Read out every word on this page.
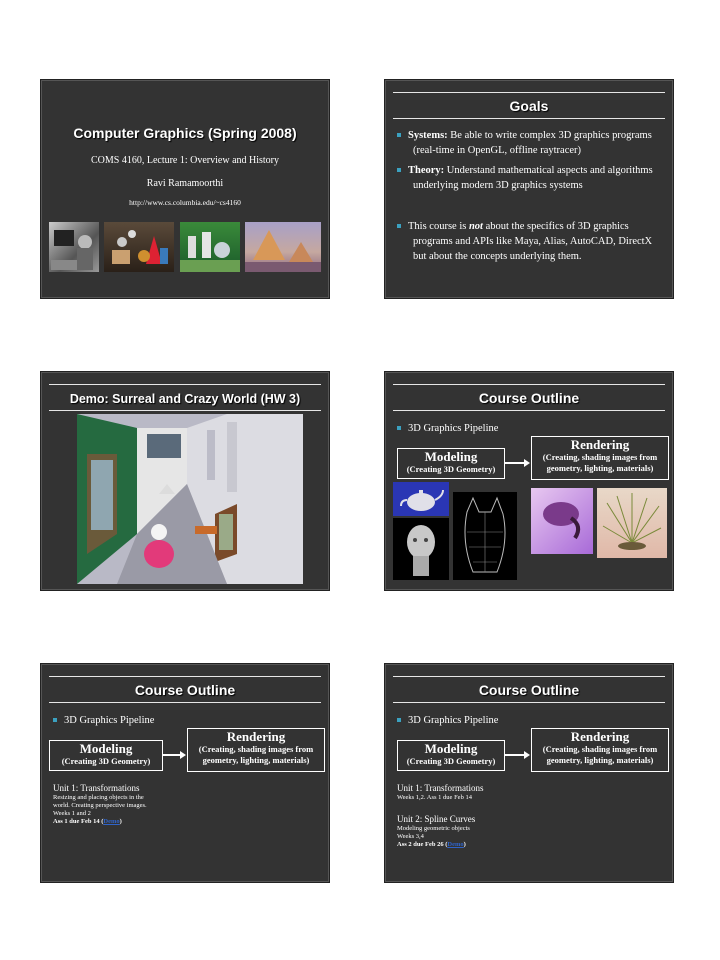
Computer Graphics (Spring 2008)
COMS 4160, Lecture 1: Overview and History
Ravi Ramamoorthi
http://www.cs.columbia.edu/~cs4160
Goals
Systems: Be able to write complex 3D graphics programs (real-time in OpenGL, offline raytracer)
Theory: Understand mathematical aspects and algorithms underlying modern 3D graphics systems
This course is not about the specifics of 3D graphics programs and APIs like Maya, Alias, AutoCAD, DirectX but about the concepts underlying them.
Demo: Surreal and Crazy World (HW 3)	Course Outline
3D Graphics Pipeline
Modeling
(Creating 3D Geometry)
Rendering
(Creating, shading images from
geometry, lighting, materials)
Course Outline
3D Graphics Pipeline
Modeling
(Creating 3D Geometry)
Rendering
(Creating, shading images from
geometry, lighting, materials)
Unit 1: Transformations
Resizing and placing objects in the
world. Creating perspective images.
Weeks 1 and 2
Ass 1 due Feb 14 (Demo)
Course Outline
3D Graphics Pipeline
Modeling
(Creating 3D Geometry)
Rendering
(Creating, shading images from
geometry, lighting, materials)
Unit 1: Transformations
Weeks 1,2. Ass 1 due Feb 14
Unit 2: Spline Curves
Modeling geometric objects
Weeks 3,4
Ass 2 due Feb 26 (Demo)
